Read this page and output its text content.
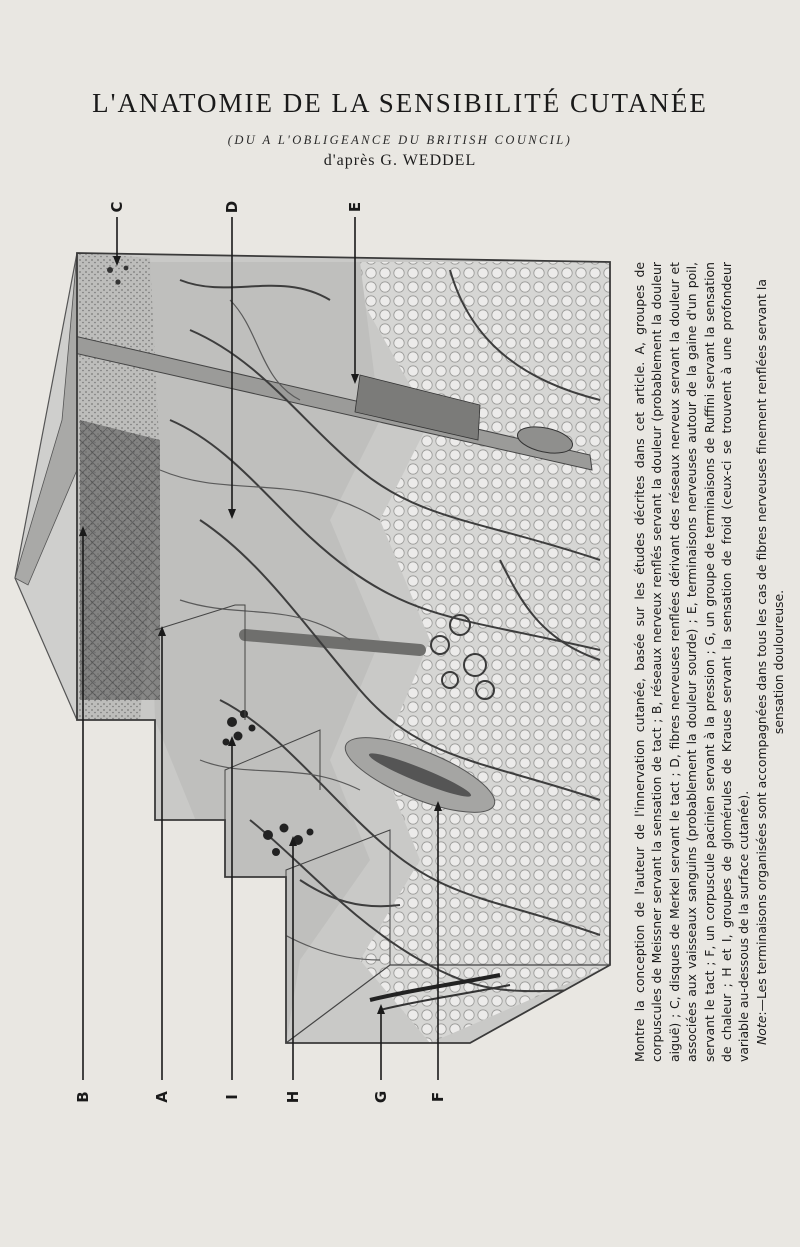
L'ANATOMIE DE LA SENSIBILITÉ CUTANÉE
(DU A L'OBLIGEANCE DU BRITISH COUNCIL)
d'après G. WEDDEL
C	D	E
B	A	I	H	G	F

Montre la conception de l'auteur de l'innervation cutanée, basée sur les études décrites dans cet article. A, groupes de corpuscules de Meissner servant la sensation de tact ; B, réseaux nerveux renflés servant la douleur (probablement la douleur aiguë) ; C, disques de Merkel servant le tact ; D, fibres nerveuses renflées dérivant des réseaux nerveux servant la douleur et associées aux vaisseaux sanguins (probablement la douleur sourde) ; E, terminaisons nerveuses autour de la gaine d'un poil, servant le tact ; F, un corpuscule pacinien servant à la pression ; G, un groupe de terminaisons de Ruffini servant la sensation de chaleur ; H et I, groupes de glomérules de Krause servant la sensation de froid (ceux-ci se trouvent à une profondeur variable au-dessous de la surface cutanée). Note:—Les terminaisons organisées sont accompagnées dans tous les cas de fibres nerveuses finement renflées servant la sensation douloureuse.
